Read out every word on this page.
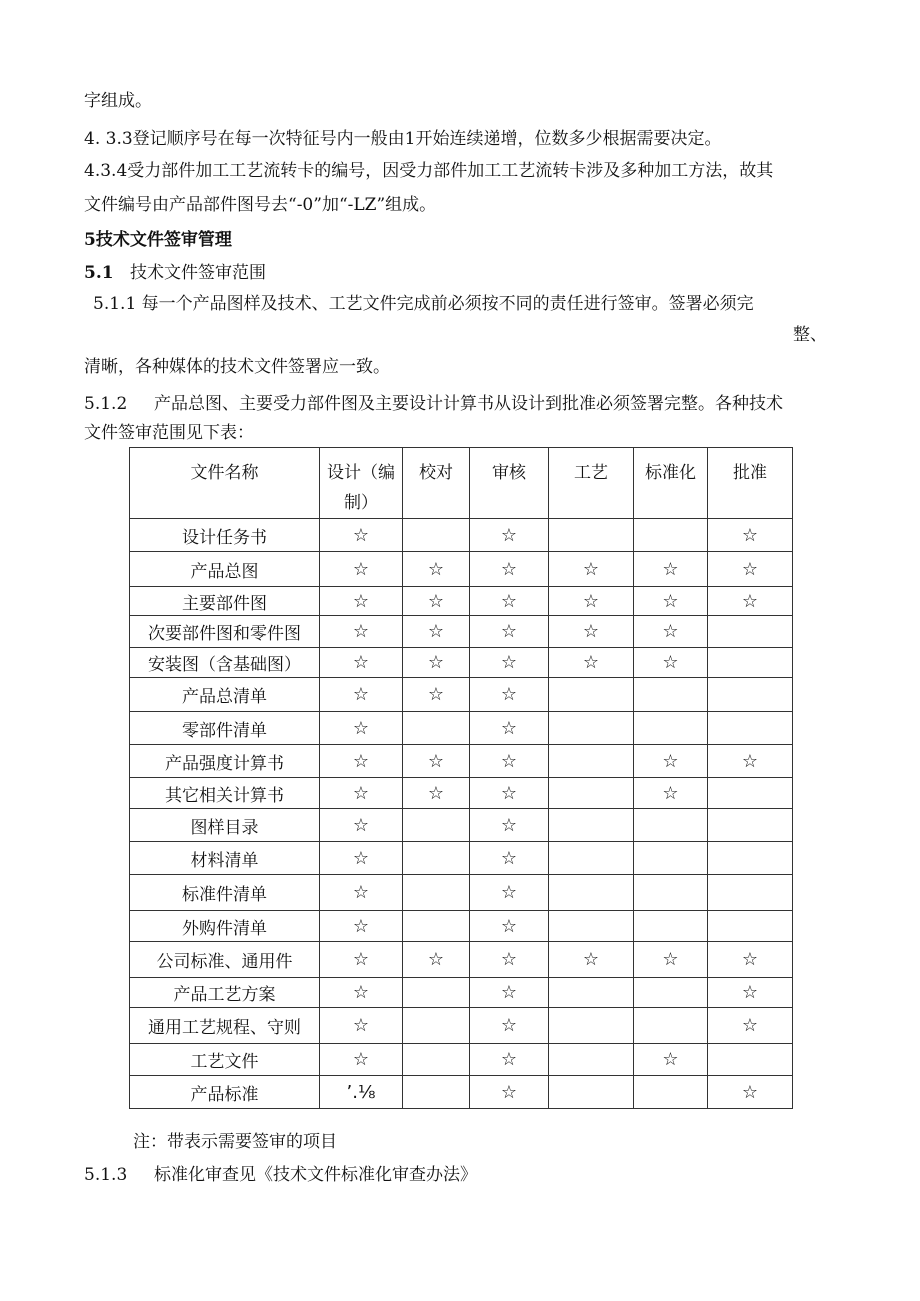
字组成。
4. 3.3登记顺序号在每一次特征号内一般由1开始连续递增，位数多少根据需要决定。
4.3.4受力部件加工工艺流转卡的编号，因受力部件加工工艺流转卡涉及多种加工方法，故其
文件编号由产品部件图号去“-0”加“-LZ”组成。
5技术文件签审管理
5.1 技术文件签审范围
5.1.1 每一个产品图样及技术、工艺文件完成前必须按不同的责任进行签审。签署必须完
整、
清晰，各种媒体的技术文件签署应一致。
5.1.2 产品总图、主要受力部件图及主要设计计算书从设计到批准必须签署完整。各种技术
文件签审范围见下表：
文件名称	设计（编制）	校对	审核	工艺	标准化	批准
设计任务书	☆		☆			☆
产品总图	☆	☆	☆	☆	☆	☆
主要部件图	☆	☆	☆	☆	☆	☆
次要部件图和零件图	☆	☆	☆	☆	☆	
安装图（含基础图）	☆	☆	☆	☆	☆	
产品总清单	☆	☆	☆			
零部件清单	☆		☆			
产品强度计算书	☆	☆	☆		☆	☆
其它相关计算书	☆	☆	☆		☆	
图样目录	☆		☆			
材料清单	☆		☆			
标准件清单	☆		☆			
外购件清单	☆		☆			
公司标准、通用件	☆	☆	☆	☆	☆	☆
产品工艺方案	☆		☆			☆
通用工艺规程、守则	☆		☆			☆
工艺文件	☆		☆		☆	
产品标准	’.⅛		☆			☆
注：带表示需要签审的项目
5.1.3 标准化审查见《技术文件标准化审查办法》
